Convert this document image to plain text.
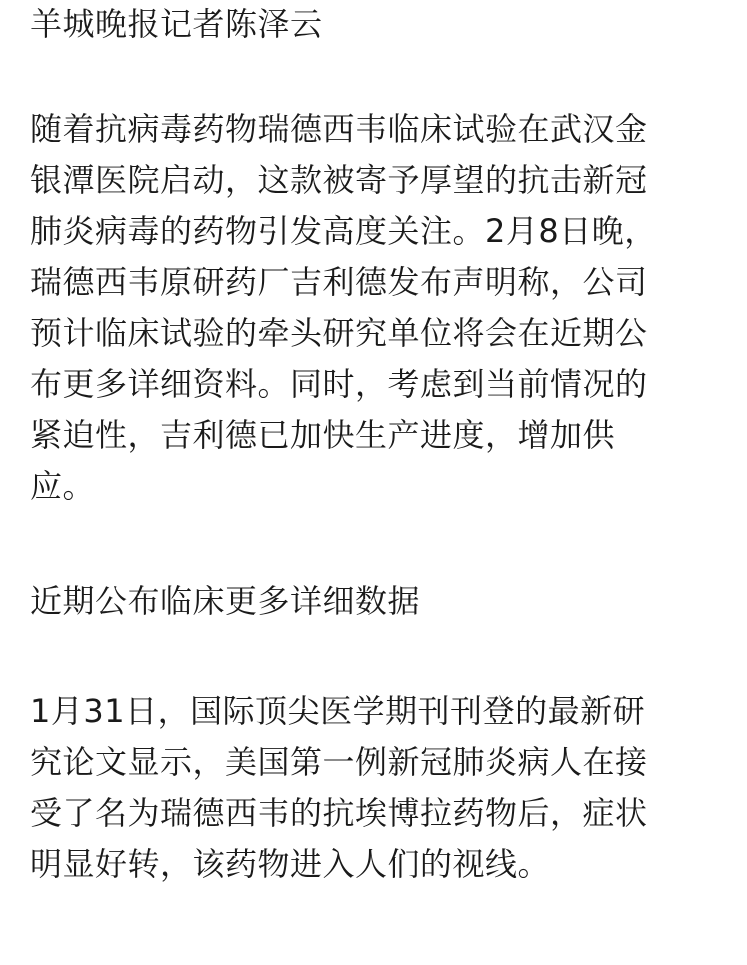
羊城晚报记者陈泽云

随着抗病毒药物瑞德西韦临床试验在武汉金

银潭医院启动，这款被寄予厚望的抗击新冠

肺炎病毒的药物引发高度关注。2月8日晚，

瑞德西韦原研药厂吉利德发布声明称，公司

预计临床试验的牵头研究单位将会在近期公

布更多详细资料。同时，考虑到当前情况的

紧迫性，吉利德已加快生产进度，增加供

应。

近期公布临床更多详细数据

1月31日，国际顶尖医学期刊刊登的最新研

究论文显示，美国第一例新冠肺炎病人在接

受了名为瑞德西韦的抗埃博拉药物后，症状

明显好转，该药物进入人们的视线。
